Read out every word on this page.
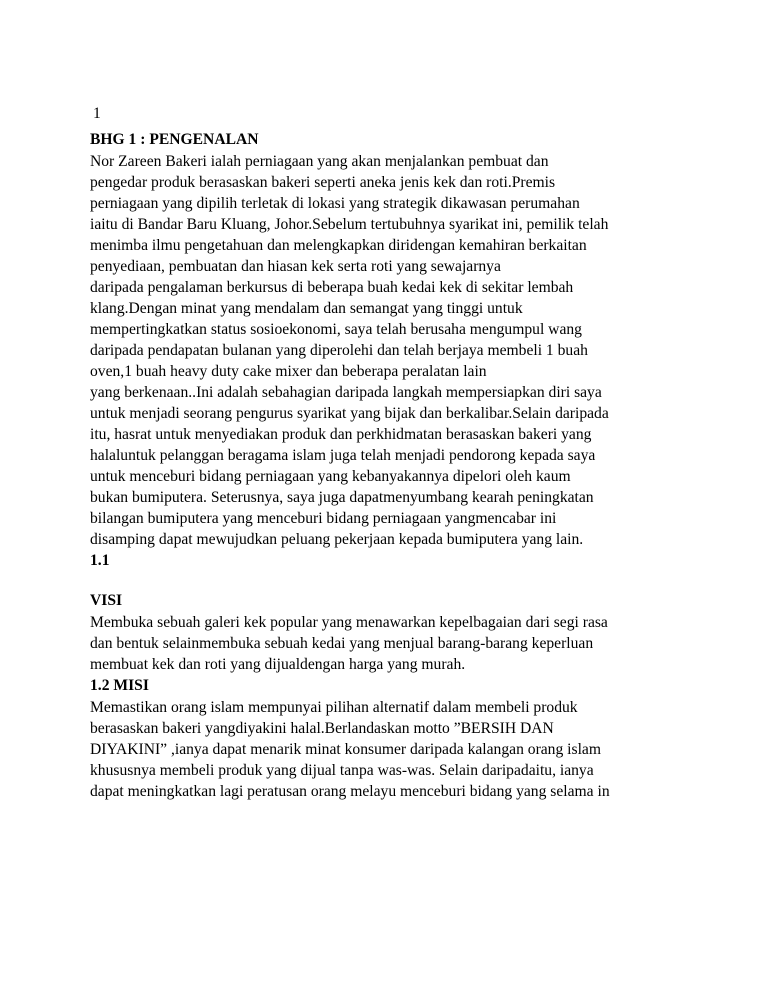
1
BHG 1 : PENGENALAN
Nor Zareen Bakeri ialah perniagaan yang akan menjalankan pembuat dan
pengedar produk berasaskan bakeri seperti aneka jenis kek dan roti.Premis
perniagaan yang dipilih terletak di lokasi yang strategik dikawasan perumahan
iaitu di Bandar Baru Kluang, Johor.Sebelum tertubuhnya syarikat ini, pemilik telah
menimba ilmu pengetahuan dan melengkapkan diridengan kemahiran berkaitan
penyediaan, pembuatan dan hiasan kek serta roti yang sewajarnya
daripada pengalaman berkursus di beberapa buah kedai kek di sekitar lembah
klang.Dengan minat yang mendalam dan semangat yang tinggi untuk
mempertingkatkan status sosioekonomi, saya telah berusaha mengumpul wang
daripada pendapatan bulanan yang diperolehi dan telah berjaya membeli 1 buah
oven,1 buah heavy duty cake mixer dan beberapa peralatan lain
yang berkenaan..Ini adalah sebahagian daripada langkah mempersiapkan diri saya
untuk menjadi seorang pengurus syarikat yang bijak dan berkalibar.Selain daripada
itu, hasrat untuk menyediakan produk dan perkhidmatan berasaskan bakeri yang
halaluntuk pelanggan beragama islam juga telah menjadi pendorong kepada saya
untuk menceburi bidang perniagaan yang kebanyakannya dipelori oleh kaum
bukan bumiputera. Seterusnya, saya juga dapatmenyumbang kearah peningkatan
bilangan bumiputera yang menceburi bidang perniagaan yangmencabar ini
disamping dapat mewujudkan peluang pekerjaan kepada bumiputera yang lain.
1.1
VISI
Membuka sebuah galeri kek popular yang menawarkan kepelbagaian dari segi rasa
dan bentuk selainmembuka sebuah kedai yang menjual barang-barang keperluan
membuat kek dan roti yang dijualdengan harga yang murah.
1.2 MISI
Memastikan orang islam mempunyai pilihan alternatif dalam membeli produk
berasaskan bakeri yangdiyakini halal.Berlandaskan motto ”BERSIH DAN
DIYAKINI” ,ianya dapat menarik minat konsumer daripada kalangan orang islam
khususnya membeli produk yang dijual tanpa was-was. Selain daripadaitu, ianya
dapat meningkatkan lagi peratusan orang melayu menceburi bidang yang selama in
